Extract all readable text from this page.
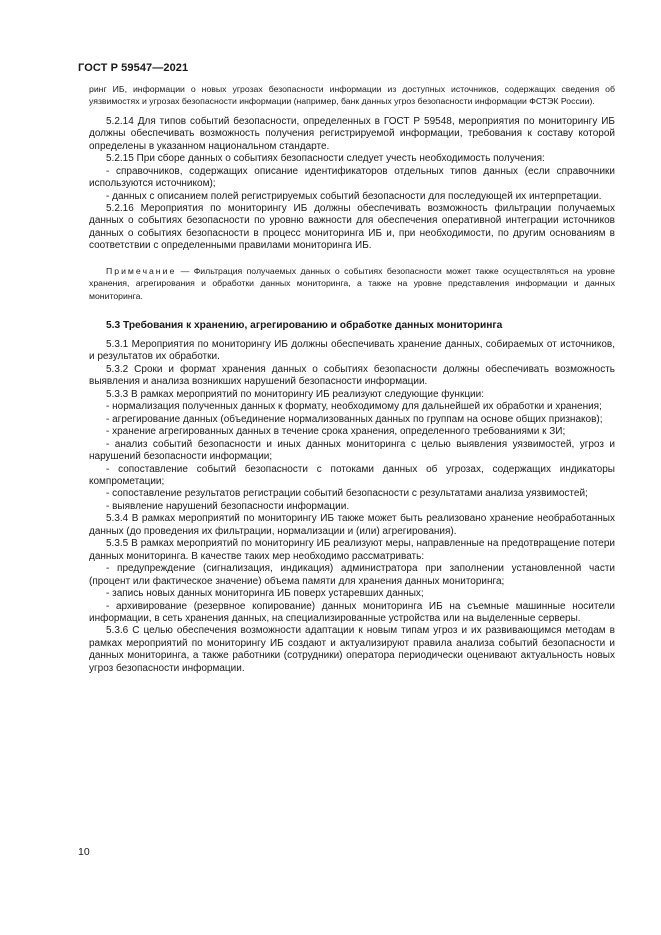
ГОСТ Р 59547—2021

ринг ИБ, информации о новых угрозах безопасности информации из доступных источников, содержащих сведения об уязвимостях и угрозах безопасности информации (например, банк данных угроз безопасности информации ФСТЭК России).

5.2.14 Для типов событий безопасности, определенных в ГОСТ Р 59548, мероприятия по мониторингу ИБ должны обеспечивать возможность получения регистрируемой информации, требования к составу которой определены в указанном национальном стандарте.

5.2.15 При сборе данных о событиях безопасности следует учесть необходимость получения:

- справочников, содержащих описание идентификаторов отдельных типов данных (если справочники используются источником);

- данных с описанием полей регистрируемых событий безопасности для последующей их интерпретации.

5.2.16 Мероприятия по мониторингу ИБ должны обеспечивать возможность фильтрации получаемых данных о событиях безопасности по уровню важности для обеспечения оперативной интеграции источников данных о событиях безопасности в процесс мониторинга ИБ и, при необходимости, по другим основаниям в соответствии с определенными правилами мониторинга ИБ.

Примечание — Фильтрация получаемых данных о событиях безопасности может также осуществляться на уровне хранения, агрегирования и обработки данных мониторинга, а также на уровне представления информации и данных мониторинга.

5.3 Требования к хранению, агрегированию и обработке данных мониторинга

5.3.1 Мероприятия по мониторингу ИБ должны обеспечивать хранение данных, собираемых от источников, и результатов их обработки.

5.3.2 Сроки и формат хранения данных о событиях безопасности должны обеспечивать возможность выявления и анализа возникших нарушений безопасности информации.

5.3.3 В рамках мероприятий по мониторингу ИБ реализуют следующие функции:

- нормализация полученных данных к формату, необходимому для дальнейшей их обработки и хранения;

- агрегирование данных (объединение нормализованных данных по группам на основе общих признаков);

- хранение агрегированных данных в течение срока хранения, определенного требованиями к ЗИ;

- анализ событий безопасности и иных данных мониторинга с целью выявления уязвимостей, угроз и нарушений безопасности информации;

- сопоставление событий безопасности с потоками данных об угрозах, содержащих индикаторы компрометации;

- сопоставление результатов регистрации событий безопасности с результатами анализа уязвимостей;

- выявление нарушений безопасности информации.

5.3.4 В рамках мероприятий по мониторингу ИБ также может быть реализовано хранение необработанных данных (до проведения их фильтрации, нормализации и (или) агрегирования).

5.3.5 В рамках мероприятий по мониторингу ИБ реализуют меры, направленные на предотвращение потери данных мониторинга. В качестве таких мер необходимо рассматривать:

- предупреждение (сигнализация, индикация) администратора при заполнении установленной части (процент или фактическое значение) объема памяти для хранения данных мониторинга;

- запись новых данных мониторинга ИБ поверх устаревших данных;

- архивирование (резервное копирование) данных мониторинга ИБ на съемные машинные носители информации, в сеть хранения данных, на специализированные устройства или на выделенные серверы.

5.3.6 С целью обеспечения возможности адаптации к новым типам угроз и их развивающимся методам в рамках мероприятий по мониторингу ИБ создают и актуализируют правила анализа событий безопасности и данных мониторинга, а также работники (сотрудники) оператора периодически оценивают актуальность новых угроз безопасности информации.

10
